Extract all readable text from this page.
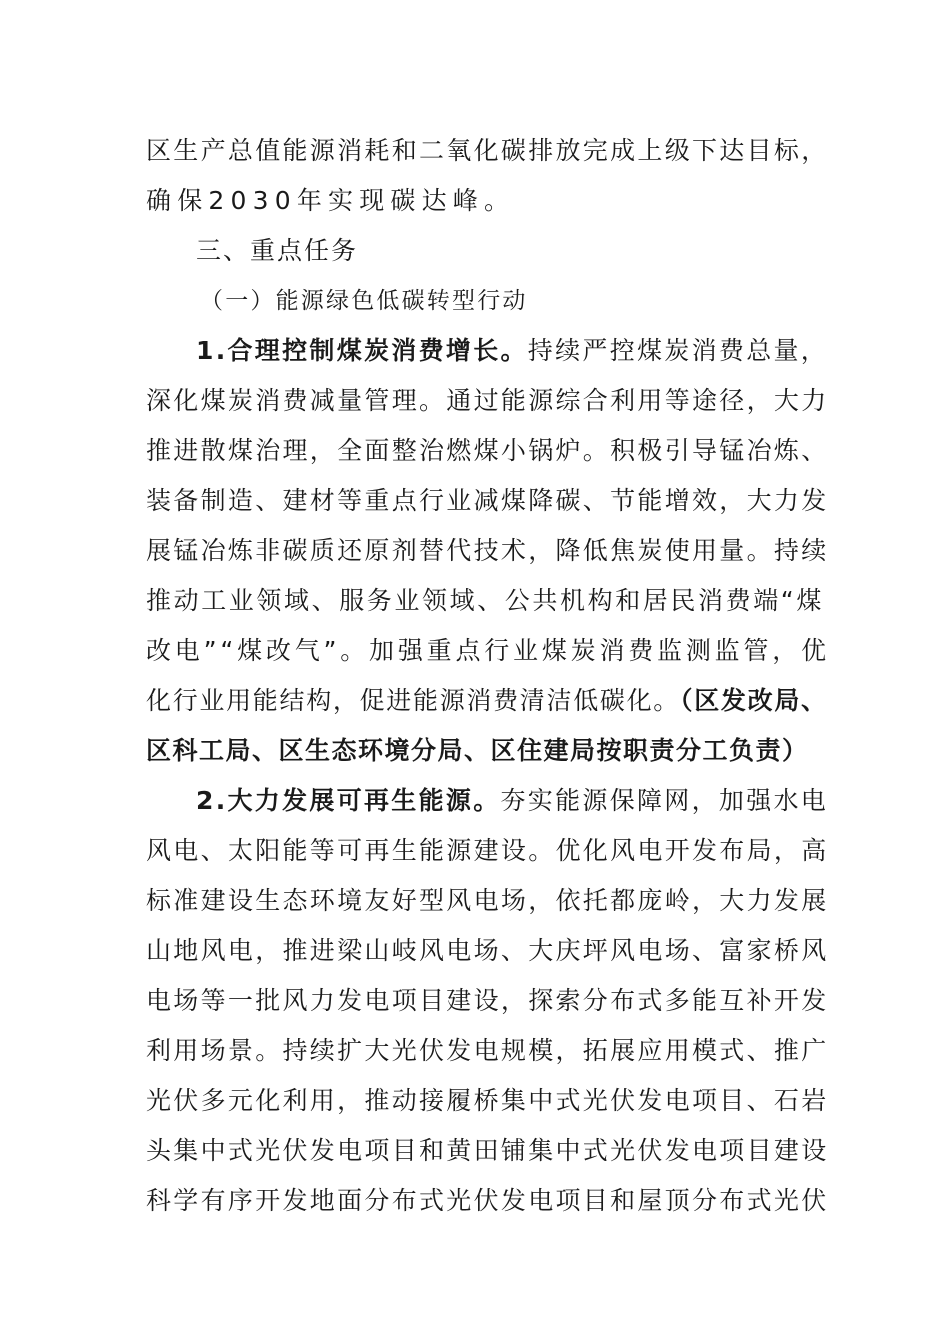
区生产总值能源消耗和二氧化碳排放完成上级下达目标，
确保2030年实现碳达峰。
三、重点任务
（一）能源绿色低碳转型行动
1.合理控制煤炭消费增长。持续严控煤炭消费总量，
深化煤炭消费减量管理。通过能源综合利用等途径，大力
推进散煤治理，全面整治燃煤小锅炉。积极引导锰冶炼、
装备制造、建材等重点行业减煤降碳、节能增效，大力发
展锰冶炼非碳质还原剂替代技术，降低焦炭使用量。持续
推动工业领域、服务业领域、公共机构和居民消费端“煤
改电”“煤改气”。加强重点行业煤炭消费监测监管，优
化行业用能结构，促进能源消费清洁低碳化。（区发改局、
区科工局、区生态环境分局、区住建局按职责分工负责）
2.大力发展可再生能源。夯实能源保障网，加强水电
风电、太阳能等可再生能源建设。优化风电开发布局，高
标准建设生态环境友好型风电场，依托都庞岭，大力发展
山地风电，推进梁山岐风电场、大庆坪风电场、富家桥风
电场等一批风力发电项目建设，探索分布式多能互补开发
利用场景。持续扩大光伏发电规模，拓展应用模式、推广
光伏多元化利用，推动接履桥集中式光伏发电项目、石岩
头集中式光伏发电项目和黄田铺集中式光伏发电项目建设
科学有序开发地面分布式光伏发电项目和屋顶分布式光伏
